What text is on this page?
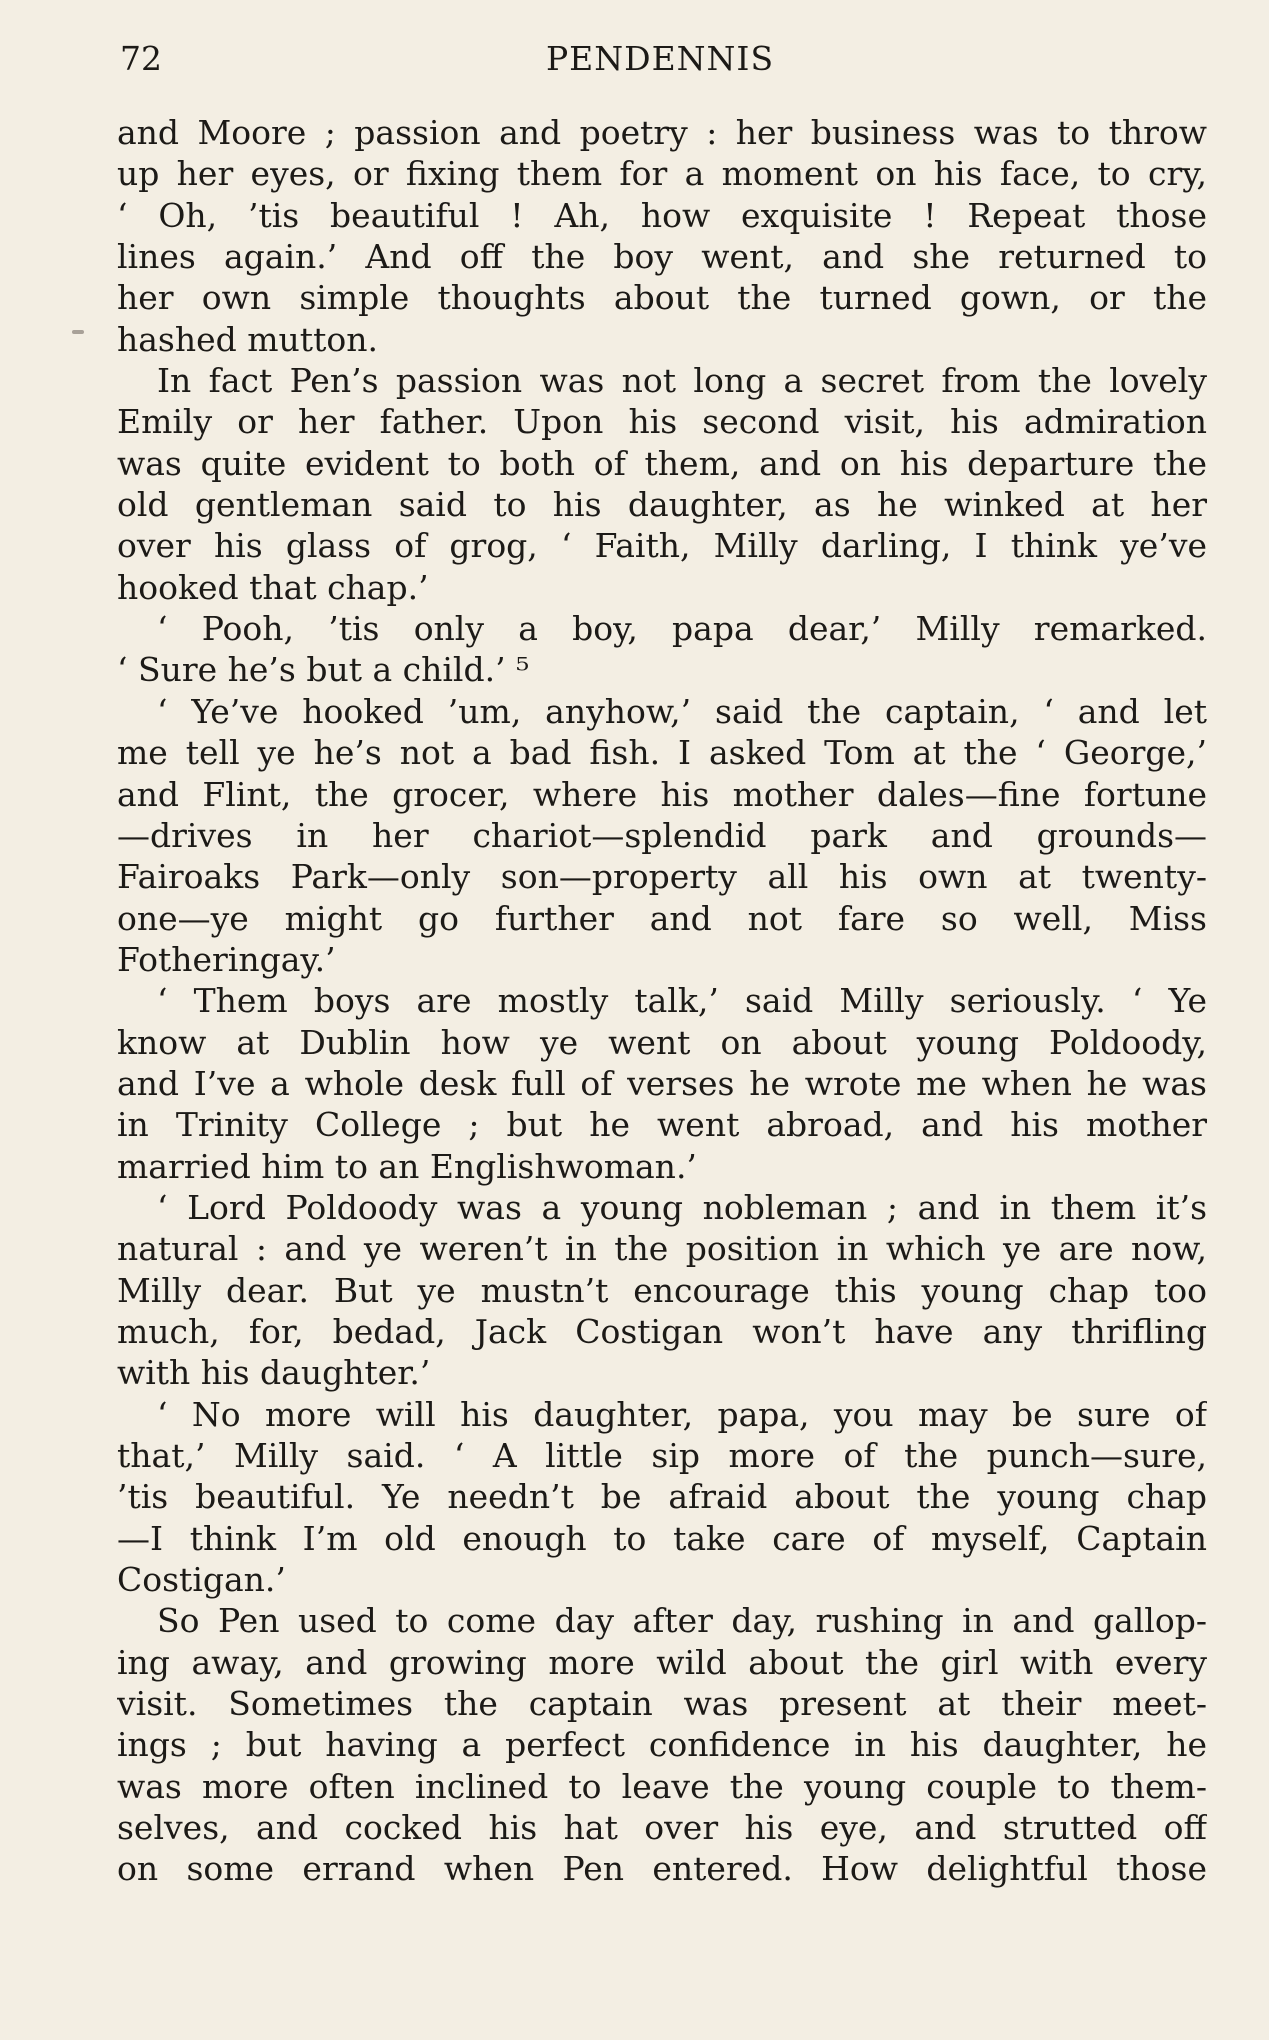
72	PENDENNIS
and Moore ; passion and poetry : her business was to throw
up her eyes, or fixing them for a moment on his face, to cry,
‘ Oh, ’tis beautiful ! Ah, how exquisite ! Repeat those
lines again.’ And off the boy went, and she returned to
her own simple thoughts about the turned gown, or the
hashed mutton.
In fact Pen’s passion was not long a secret from the lovely
Emily or her father. Upon his second visit, his admiration
was quite evident to both of them, and on his departure the
old gentleman said to his daughter, as he winked at her
over his glass of grog, ‘ Faith, Milly darling, I think ye’ve
hooked that chap.’
‘ Pooh, ’tis only a boy, papa dear,’ Milly remarked.
‘ Sure he’s but a child.’ ⁵
‘ Ye’ve hooked ’um, anyhow,’ said the captain, ‘ and let
me tell ye he’s not a bad fish. I asked Tom at the ‘ George,’
and Flint, the grocer, where his mother dales—fine fortune
—drives in her chariot—splendid park and grounds—
Fairoaks Park—only son—property all his own at twenty-
one—ye might go further and not fare so well, Miss
Fotheringay.’
‘ Them boys are mostly talk,’ said Milly seriously. ‘ Ye
know at Dublin how ye went on about young Poldoody,
and I’ve a whole desk full of verses he wrote me when he was
in Trinity College ; but he went abroad, and his mother
married him to an Englishwoman.’
‘ Lord Poldoody was a young nobleman ; and in them it’s
natural : and ye weren’t in the position in which ye are now,
Milly dear. But ye mustn’t encourage this young chap too
much, for, bedad, Jack Costigan won’t have any thrifling
with his daughter.’
‘ No more will his daughter, papa, you may be sure of
that,’ Milly said. ‘ A little sip more of the punch—sure,
’tis beautiful. Ye needn’t be afraid about the young chap
—I think I’m old enough to take care of myself, Captain
Costigan.’
So Pen used to come day after day, rushing in and gallop-
ing away, and growing more wild about the girl with every
visit. Sometimes the captain was present at their meet-
ings ; but having a perfect confidence in his daughter, he
was more often inclined to leave the young couple to them-
selves, and cocked his hat over his eye, and strutted off
on some errand when Pen entered. How delightful those
